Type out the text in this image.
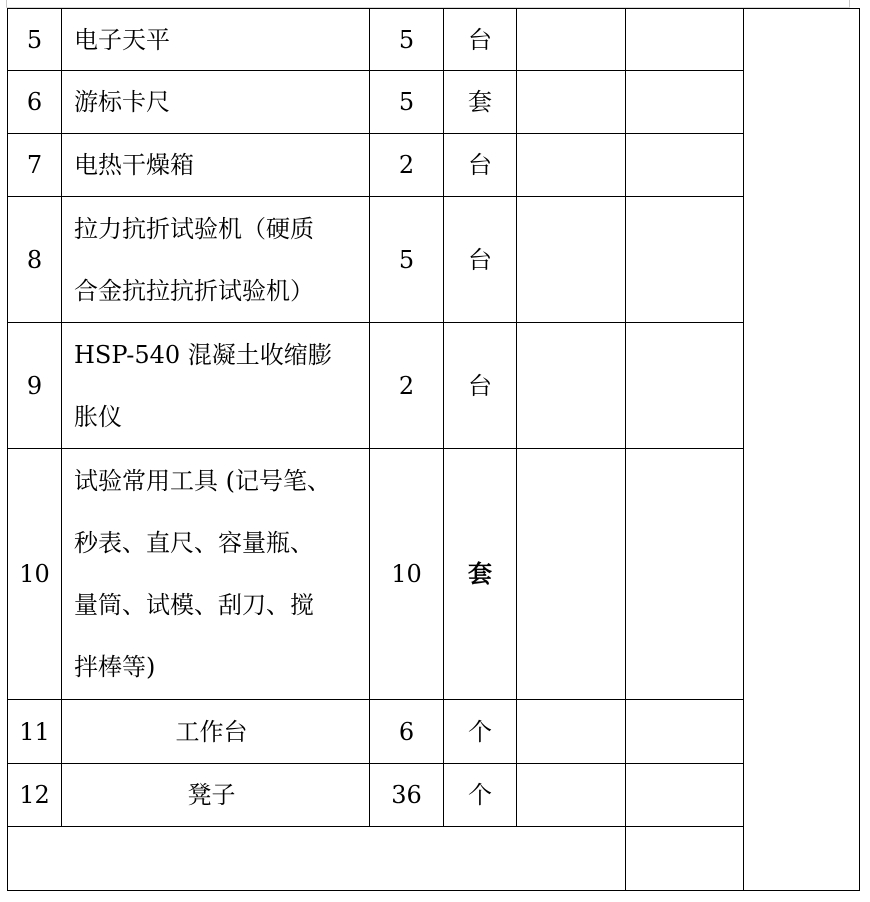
5	电子天平	5	台			
6	游标卡尺	5	套			
7	电热干燥箱	2	台			
8	拉力抗折试验机（硬质
合金抗拉抗折试验机）	5	台			
9	HSP-540 混凝土收缩膨
胀仪	2	台			
10	试验常用工具 (记号笔、
秒表、直尺、容量瓶、
量筒、试模、刮刀、搅
拌棒等)	10	套			
11	工作台	6	个			
12	凳子	36	个			
